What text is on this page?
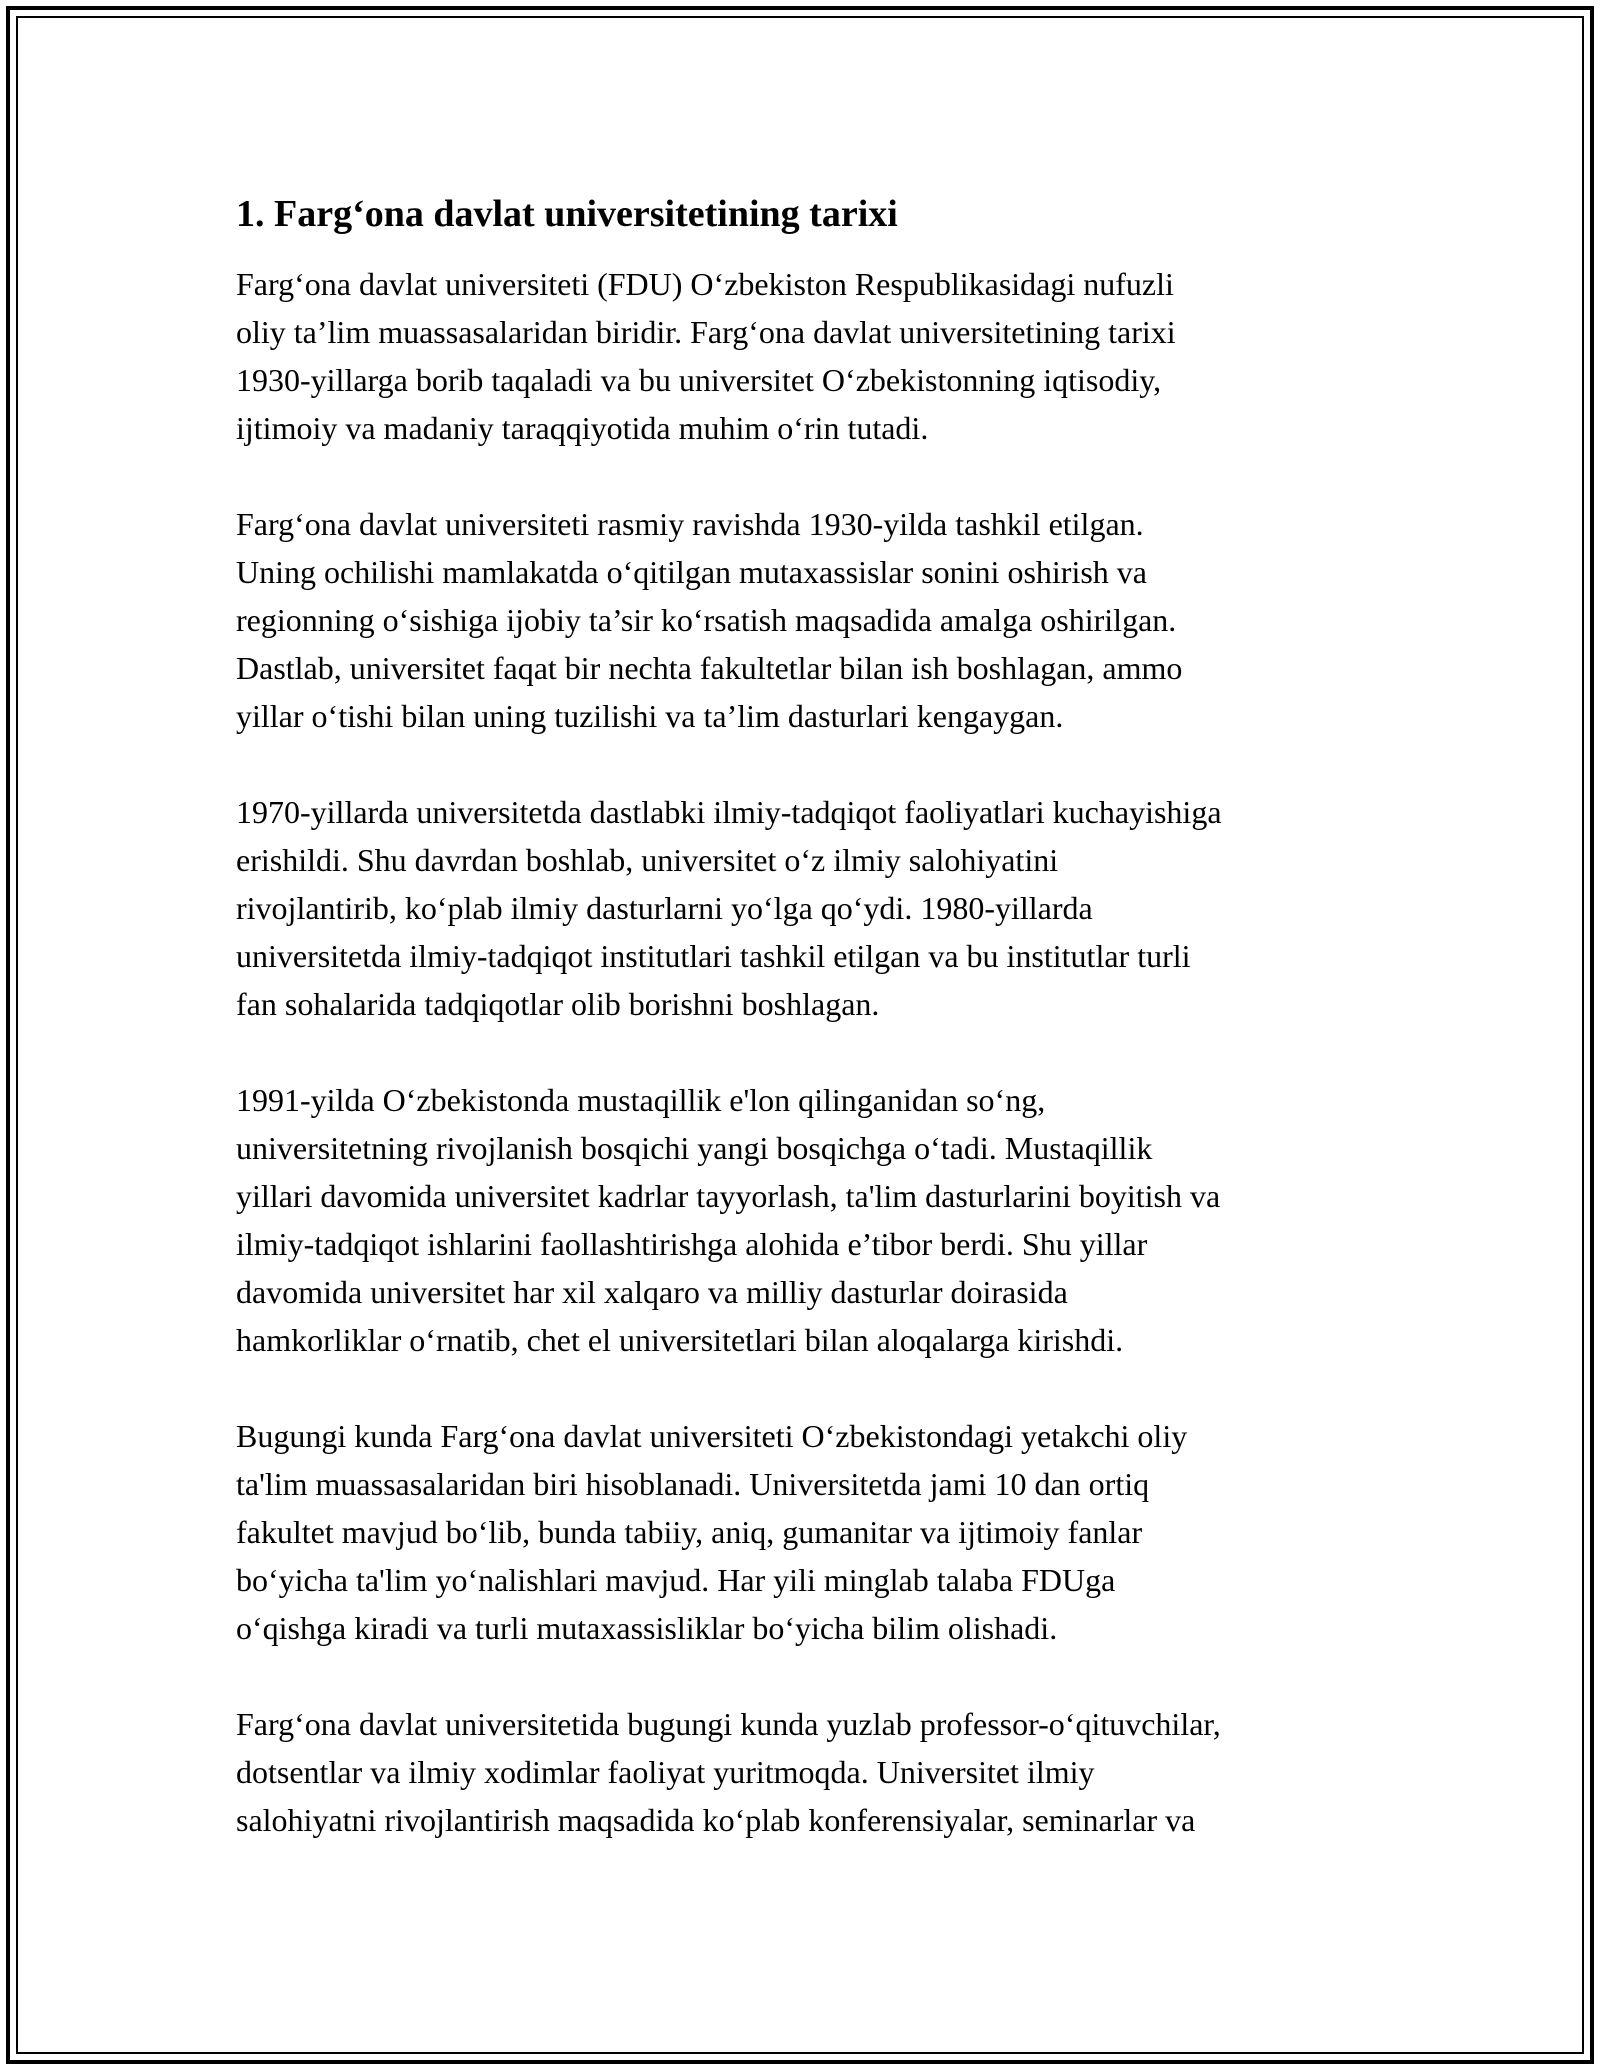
1. Farg‘ona davlat universitetining tarixi

Farg‘ona davlat universiteti (FDU) O‘zbekiston Respublikasidagi nufuzli
oliy ta’lim muassasalaridan biridir. Farg‘ona davlat universitetining tarixi
1930-yillarga borib taqaladi va bu universitet O‘zbekistonning iqtisodiy,
ijtimoiy va madaniy taraqqiyotida muhim o‘rin tutadi.

Farg‘ona davlat universiteti rasmiy ravishda 1930-yilda tashkil etilgan.
Uning ochilishi mamlakatda o‘qitilgan mutaxassislar sonini oshirish va
regionning o‘sishiga ijobiy ta’sir ko‘rsatish maqsadida amalga oshirilgan.
Dastlab, universitet faqat bir nechta fakultetlar bilan ish boshlagan, ammo
yillar o‘tishi bilan uning tuzilishi va ta’lim dasturlari kengaygan.

1970-yillarda universitetda dastlabki ilmiy-tadqiqot faoliyatlari kuchayishiga
erishildi. Shu davrdan boshlab, universitet o‘z ilmiy salohiyatini
rivojlantirib, ko‘plab ilmiy dasturlarni yo‘lga qo‘ydi. 1980-yillarda
universitetda ilmiy-tadqiqot institutlari tashkil etilgan va bu institutlar turli
fan sohalarida tadqiqotlar olib borishni boshlagan.

1991-yilda O‘zbekistonda mustaqillik e'lon qilinganidan so‘ng,
universitetning rivojlanish bosqichi yangi bosqichga o‘tadi. Mustaqillik
yillari davomida universitet kadrlar tayyorlash, ta'lim dasturlarini boyitish va
ilmiy-tadqiqot ishlarini faollashtirishga alohida e’tibor berdi. Shu yillar
davomida universitet har xil xalqaro va milliy dasturlar doirasida
hamkorliklar o‘rnatib, chet el universitetlari bilan aloqalarga kirishdi.

Bugungi kunda Farg‘ona davlat universiteti O‘zbekistondagi yetakchi oliy
ta'lim muassasalaridan biri hisoblanadi. Universitetda jami 10 dan ortiq
fakultet mavjud bo‘lib, bunda tabiiy, aniq, gumanitar va ijtimoiy fanlar
bo‘yicha ta'lim yo‘nalishlari mavjud. Har yili minglab talaba FDUga
o‘qishga kiradi va turli mutaxassisliklar bo‘yicha bilim olishadi.

Farg‘ona davlat universitetida bugungi kunda yuzlab professor-o‘qituvchilar,
dotsentlar va ilmiy xodimlar faoliyat yuritmoqda. Universitet ilmiy
salohiyatni rivojlantirish maqsadida ko‘plab konferensiyalar, seminarlar va
